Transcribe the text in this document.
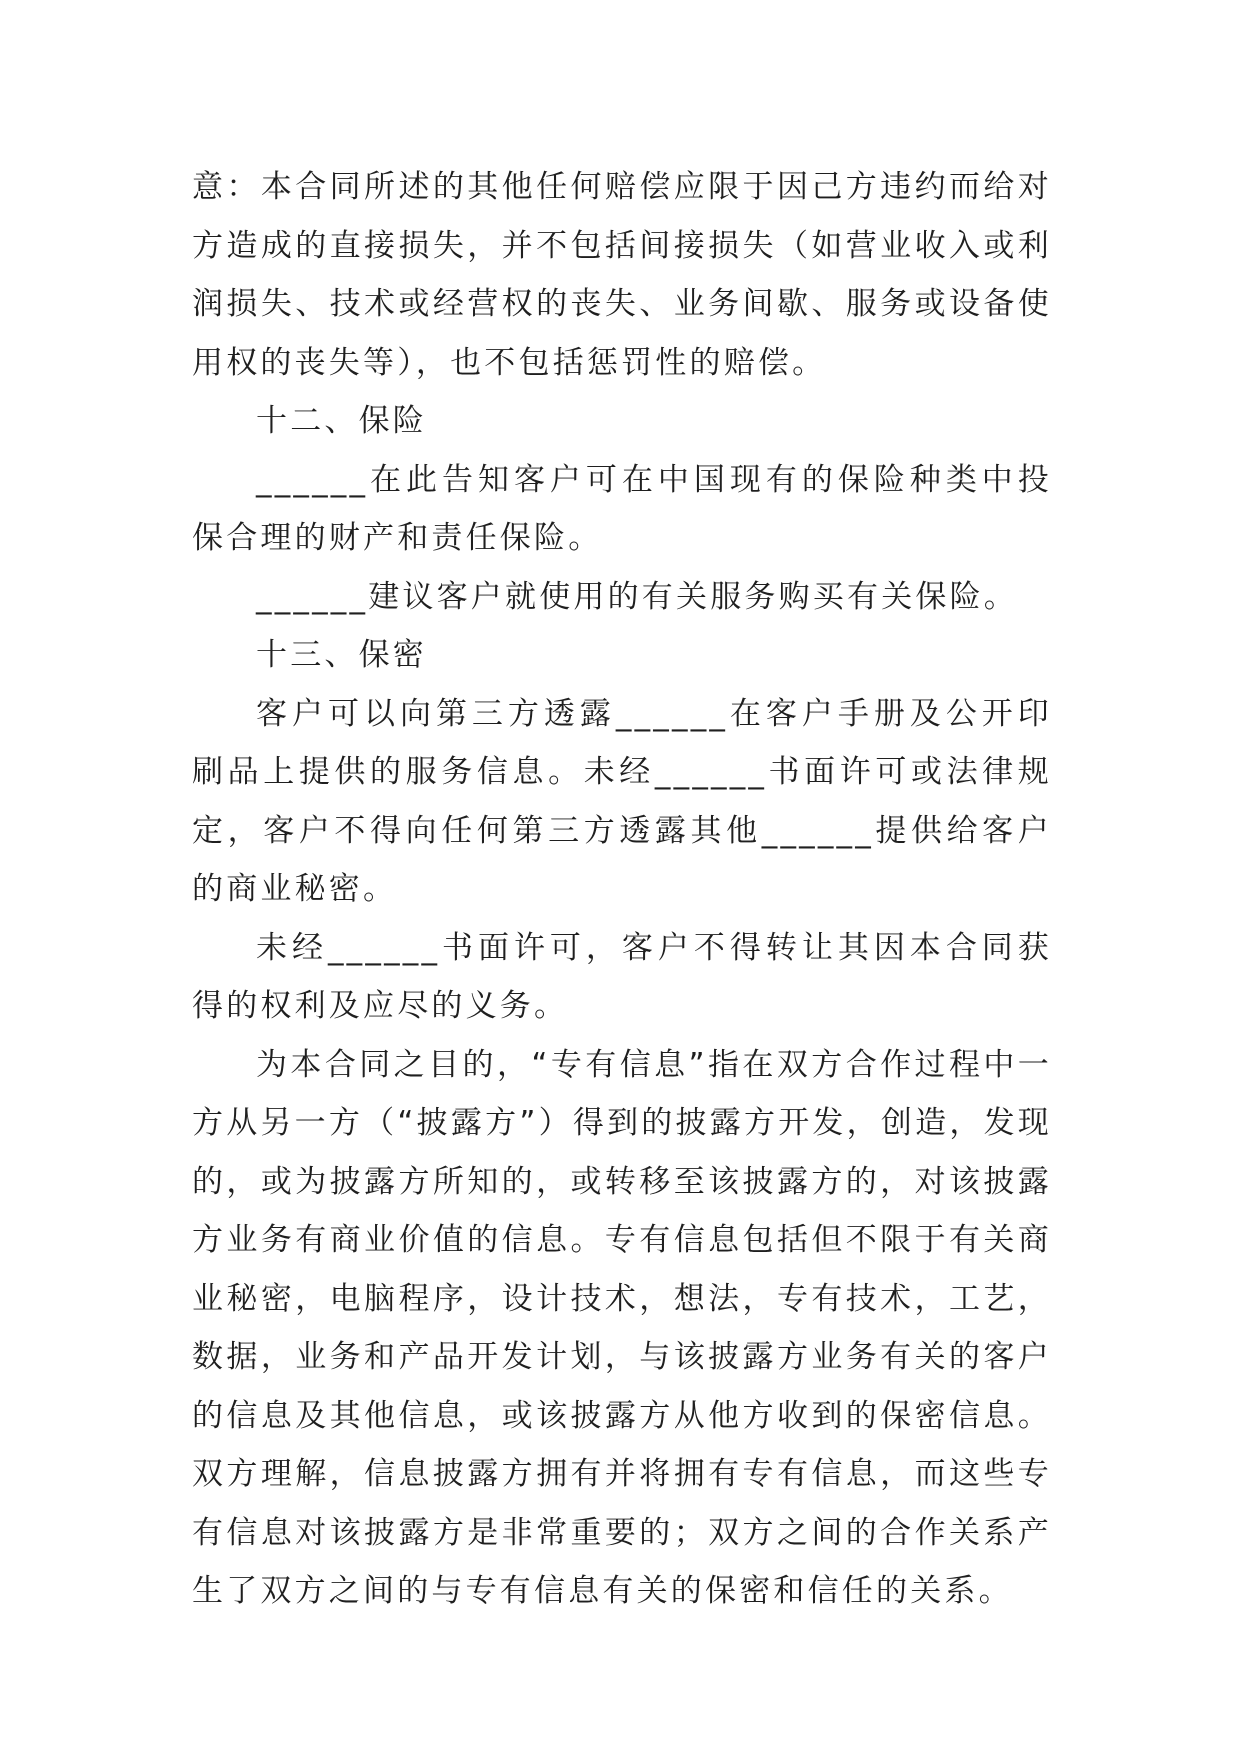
意：本合同所述的其他任何赔偿应限于因己方违约而给对方造成的直接损失，并不包括间接损失（如营业收入或利润损失、技术或经营权的丧失、业务间歇、服务或设备使用权的丧失等），也不包括惩罚性的赔偿。

十二、保险

______在此告知客户可在中国现有的保险种类中投保合理的财产和责任保险。

______建议客户就使用的有关服务购买有关保险。

十三、保密

客户可以向第三方透露______在客户手册及公开印刷品上提供的服务信息。未经______书面许可或法律规定，客户不得向任何第三方透露其他______提供给客户的商业秘密。

未经______书面许可，客户不得转让其因本合同获得的权利及应尽的义务。

为本合同之目的，“专有信息”指在双方合作过程中一方从另一方（“披露方”）得到的披露方开发，创造，发现的，或为披露方所知的，或转移至该披露方的，对该披露方业务有商业价值的信息。专有信息包括但不限于有关商业秘密，电脑程序，设计技术，想法，专有技术，工艺，数据，业务和产品开发计划，与该披露方业务有关的客户的信息及其他信息，或该披露方从他方收到的保密信息。双方理解，信息披露方拥有并将拥有专有信息，而这些专有信息对该披露方是非常重要的；双方之间的合作关系产生了双方之间的与专有信息有关的保密和信任的关系。
